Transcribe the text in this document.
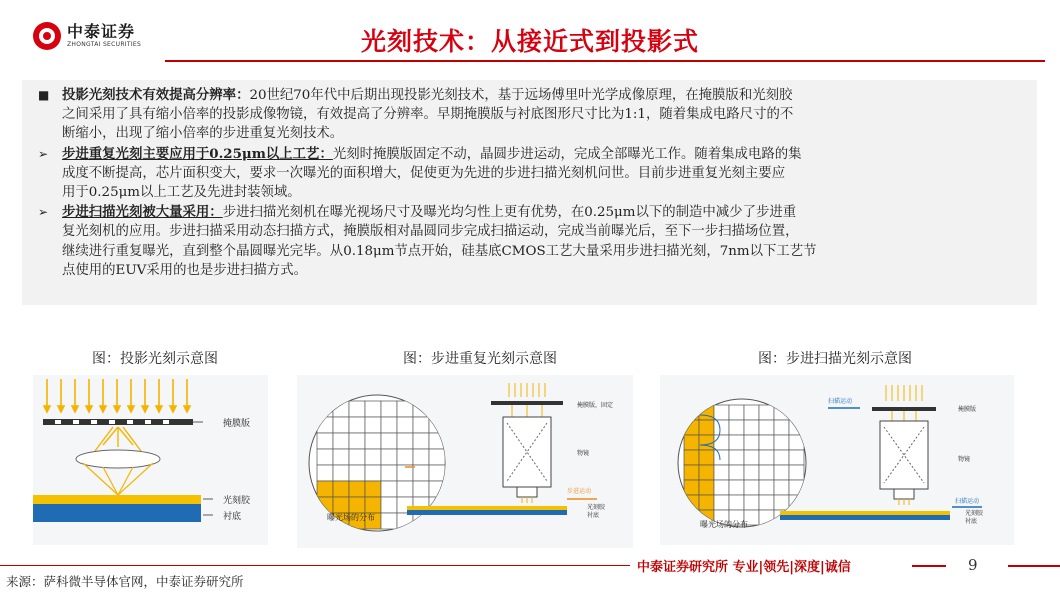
中泰证券
ZHONGTAI SECURITIES	光刻技术：从接近式到投影式
■ 投影光刻技术有效提高分辨率：20世纪70年代中后期出现投影光刻技术，基于远场傅里叶光学成像原理，在掩膜版和光刻胶
之间采用了具有缩小倍率的投影成像物镜，有效提高了分辨率。早期掩膜版与衬底图形尺寸比为1:1，随着集成电路尺寸的不
断缩小，出现了缩小倍率的步进重复光刻技术。
➢ 步进重复光刻主要应用于0.25μm以上工艺：光刻时掩膜版固定不动，晶圆步进运动，完成全部曝光工作。随着集成电路的集
成度不断提高，芯片面积变大，要求一次曝光的面积增大，促使更为先进的步进扫描光刻机问世。目前步进重复光刻主要应
用于0.25μm以上工艺及先进封装领域。
➢ 步进扫描光刻被大量采用：步进扫描光刻机在曝光视场尺寸及曝光均匀性上更有优势，在0.25μm以下的制造中减少了步进重
复光刻机的应用。步进扫描采用动态扫描方式，掩膜版相对晶圆同步完成扫描运动，完成当前曝光后，至下一步扫描场位置，
继续进行重复曝光，直到整个晶圆曝光完毕。从0.18μm节点开始，硅基底CMOS工艺大量采用步进扫描光刻，7nm以下工艺节
点使用的EUV采用的也是步进扫描方式。
图：投影光刻示意图	图：步进重复光刻示意图	图：步进扫描光刻示意图
掩膜版
光刻胶
衬底	曝光场的分布
掩膜版，固定
物镜
步进运动
光刻胶
衬底
曝光场的分布
扫描运动
掩膜版
物镜
扫描运动
光刻胶
衬底
中泰证券研究所 专业|领先|深度|诚信	9
来源：萨科微半导体官网，中泰证券研究所
